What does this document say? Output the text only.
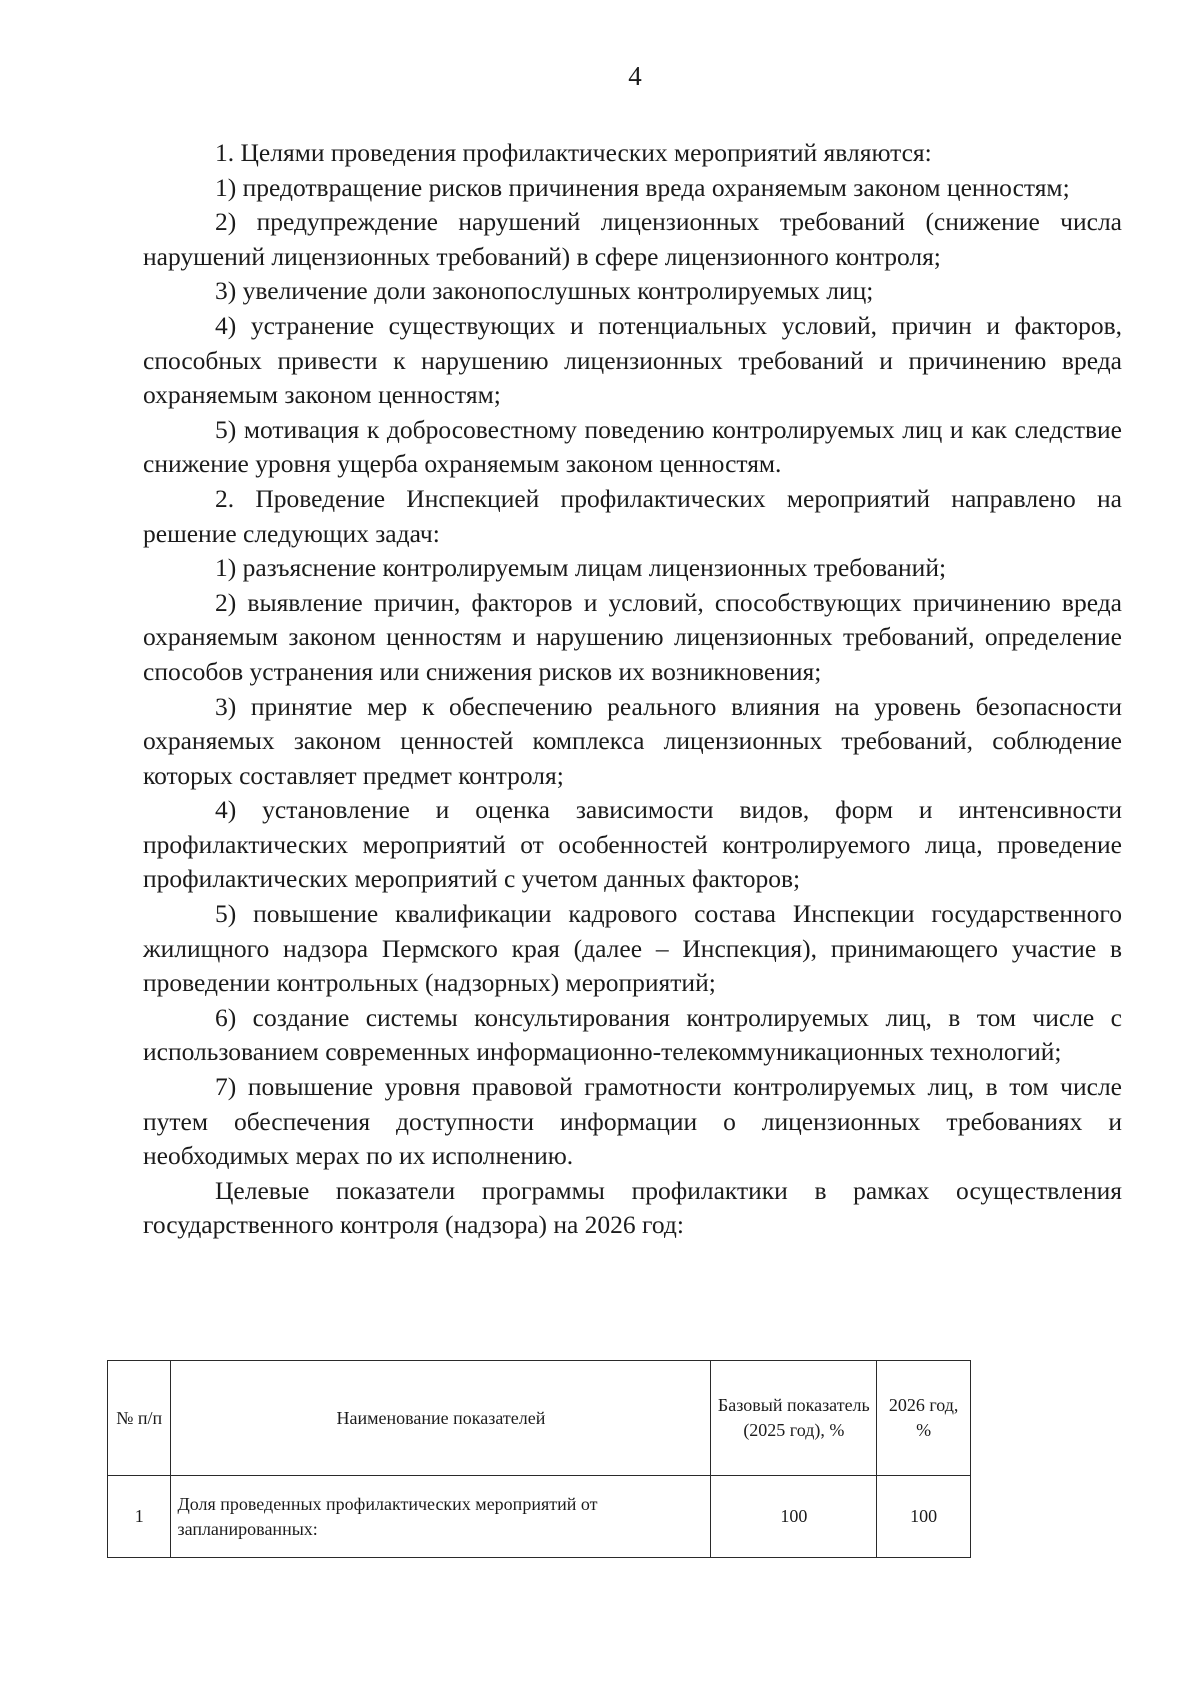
4

1. Целями проведения профилактических мероприятий являются:

1) предотвращение рисков причинения вреда охраняемым законом ценностям;

2) предупреждение нарушений лицензионных требований (снижение числа нарушений лицензионных требований) в сфере лицензионного контроля;

3) увеличение доли законопослушных контролируемых лиц;

4) устранение существующих и потенциальных условий, причин и факторов, способных привести к нарушению лицензионных требований и причинению вреда охраняемым законом ценностям;

5) мотивация к добросовестному поведению контролируемых лиц и как следствие снижение уровня ущерба охраняемым законом ценностям.

2. Проведение Инспекцией профилактических мероприятий направлено на решение следующих задач:

1) разъяснение контролируемым лицам лицензионных требований;

2) выявление причин, факторов и условий, способствующих причинению вреда охраняемым законом ценностям и нарушению лицензионных требований, определение способов устранения или снижения рисков их возникновения;

3) принятие мер к обеспечению реального влияния на уровень безопасности охраняемых законом ценностей комплекса лицензионных требований, соблюдение которых составляет предмет контроля;

4) установление и оценка зависимости видов, форм и интенсивности профилактических мероприятий от особенностей контролируемого лица, проведение профилактических мероприятий с учетом данных факторов;

5) повышение квалификации кадрового состава Инспекции государственного жилищного надзора Пермского края (далее – Инспекция), принимающего участие в проведении контрольных (надзорных) мероприятий;

6) создание системы консультирования контролируемых лиц, в том числе с использованием современных информационно-телекоммуникационных технологий;

7) повышение уровня правовой грамотности контролируемых лиц, в том числе путем обеспечения доступности информации о лицензионных требованиях и необходимых мерах по их исполнению.

Целевые показатели программы профилактики в рамках осуществления государственного контроля (надзора) на 2026 год:

№ п/п	Наименование показателей	Базовый показатель (2025 год), %	2026 год, %
1	Доля проведенных профилактических мероприятий от запланированных:	100	100
